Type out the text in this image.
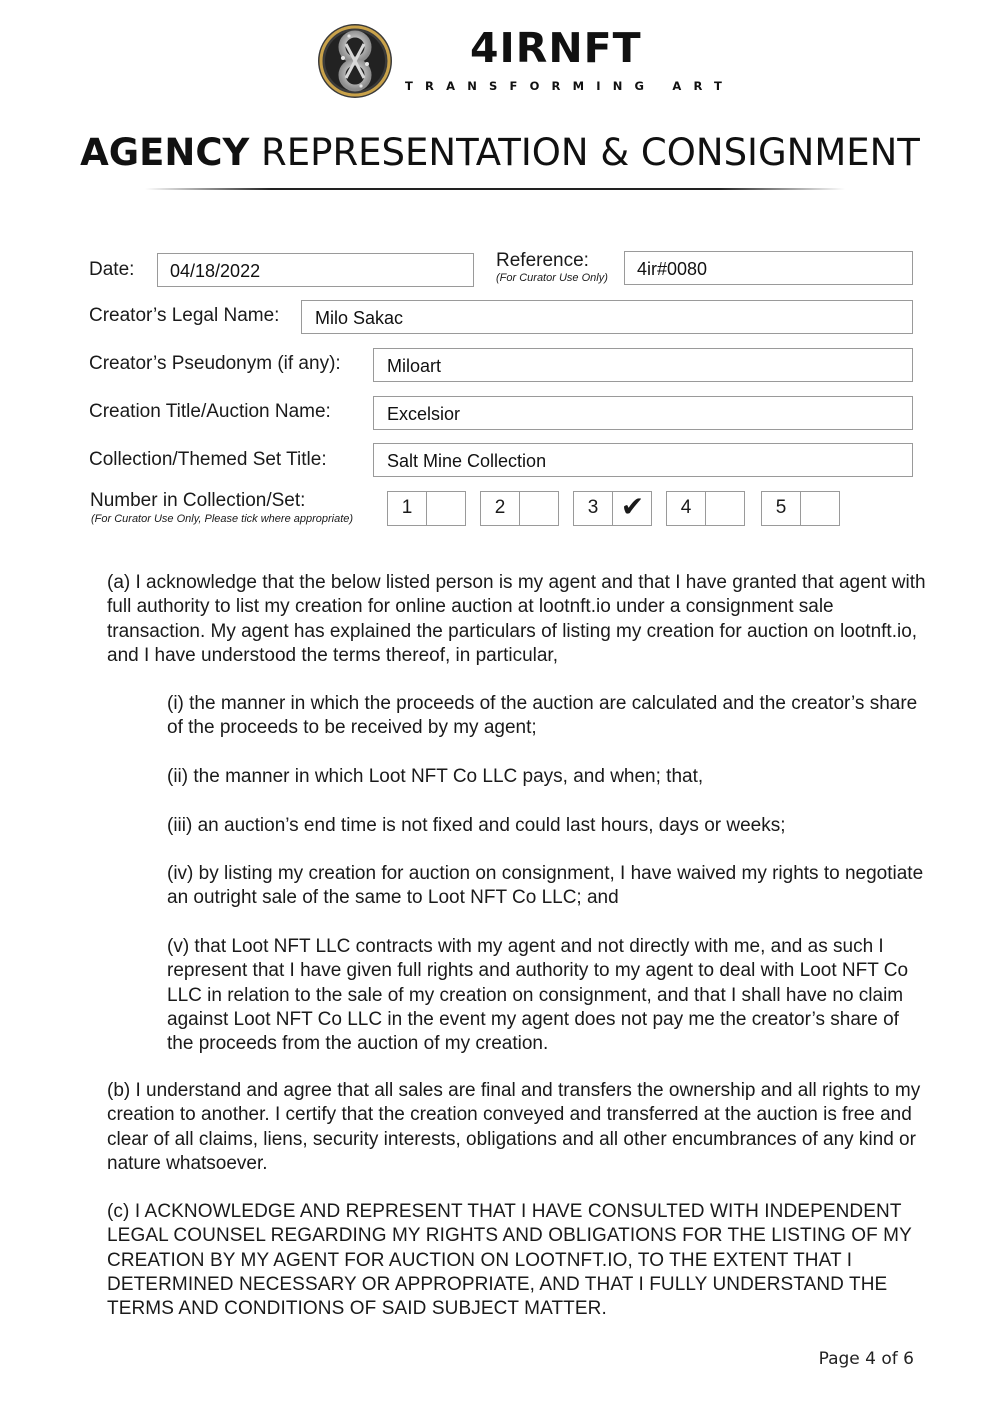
4IRNFT
TRANSFORMING ART
AGENCY REPRESENTATION & CONSIGNMENT
Date: 04/18/2022	Reference:
(For Curator Use Only) 4ir#0080
Creator’s Legal Name: Milo Sakac
Creator’s Pseudonym (if any):	Miloart
Creation Title/Auction Name:	Excelsior
Collection/Themed Set Title:	Salt Mine Collection
Number in Collection/Set:
(For Curator Use Only, Please tick where appropriate)
1	2	3 ✔	4	5
(a) I acknowledge that the below listed person is my agent and that I have granted that agent with full authority to list my creation for online auction at lootnft.io under a consignment sale transaction. My agent has explained the particulars of listing my creation for auction on lootnft.io, and I have understood the terms thereof, in particular,
(i) the manner in which the proceeds of the auction are calculated and the creator’s share of the proceeds to be received by my agent;
(ii) the manner in which Loot NFT Co LLC pays, and when; that,
(iii) an auction’s end time is not fixed and could last hours, days or weeks;
(iv) by listing my creation for auction on consignment, I have waived my rights to negotiate an outright sale of the same to Loot NFT Co LLC; and
(v) that Loot NFT LLC contracts with my agent and not directly with me, and as such I represent that I have given full rights and authority to my agent to deal with Loot NFT Co LLC in relation to the sale of my creation on consignment, and that I shall have no claim against Loot NFT Co LLC in the event my agent does not pay me the creator’s share of the proceeds from the auction of my creation.
(b) I understand and agree that all sales are final and transfers the ownership and all rights to my creation to another. I certify that the creation conveyed and transferred at the auction is free and clear of all claims, liens, security interests, obligations and all other encumbrances of any kind or nature whatsoever.
(c) I ACKNOWLEDGE AND REPRESENT THAT I HAVE CONSULTED WITH INDEPENDENT LEGAL COUNSEL REGARDING MY RIGHTS AND OBLIGATIONS FOR THE LISTING OF MY CREATION BY MY AGENT FOR AUCTION ON LOOTNFT.IO, TO THE EXTENT THAT I DETERMINED NECESSARY OR APPROPRIATE, AND THAT I FULLY UNDERSTAND THE TERMS AND CONDITIONS OF SAID SUBJECT MATTER.
Page 4 of 6
